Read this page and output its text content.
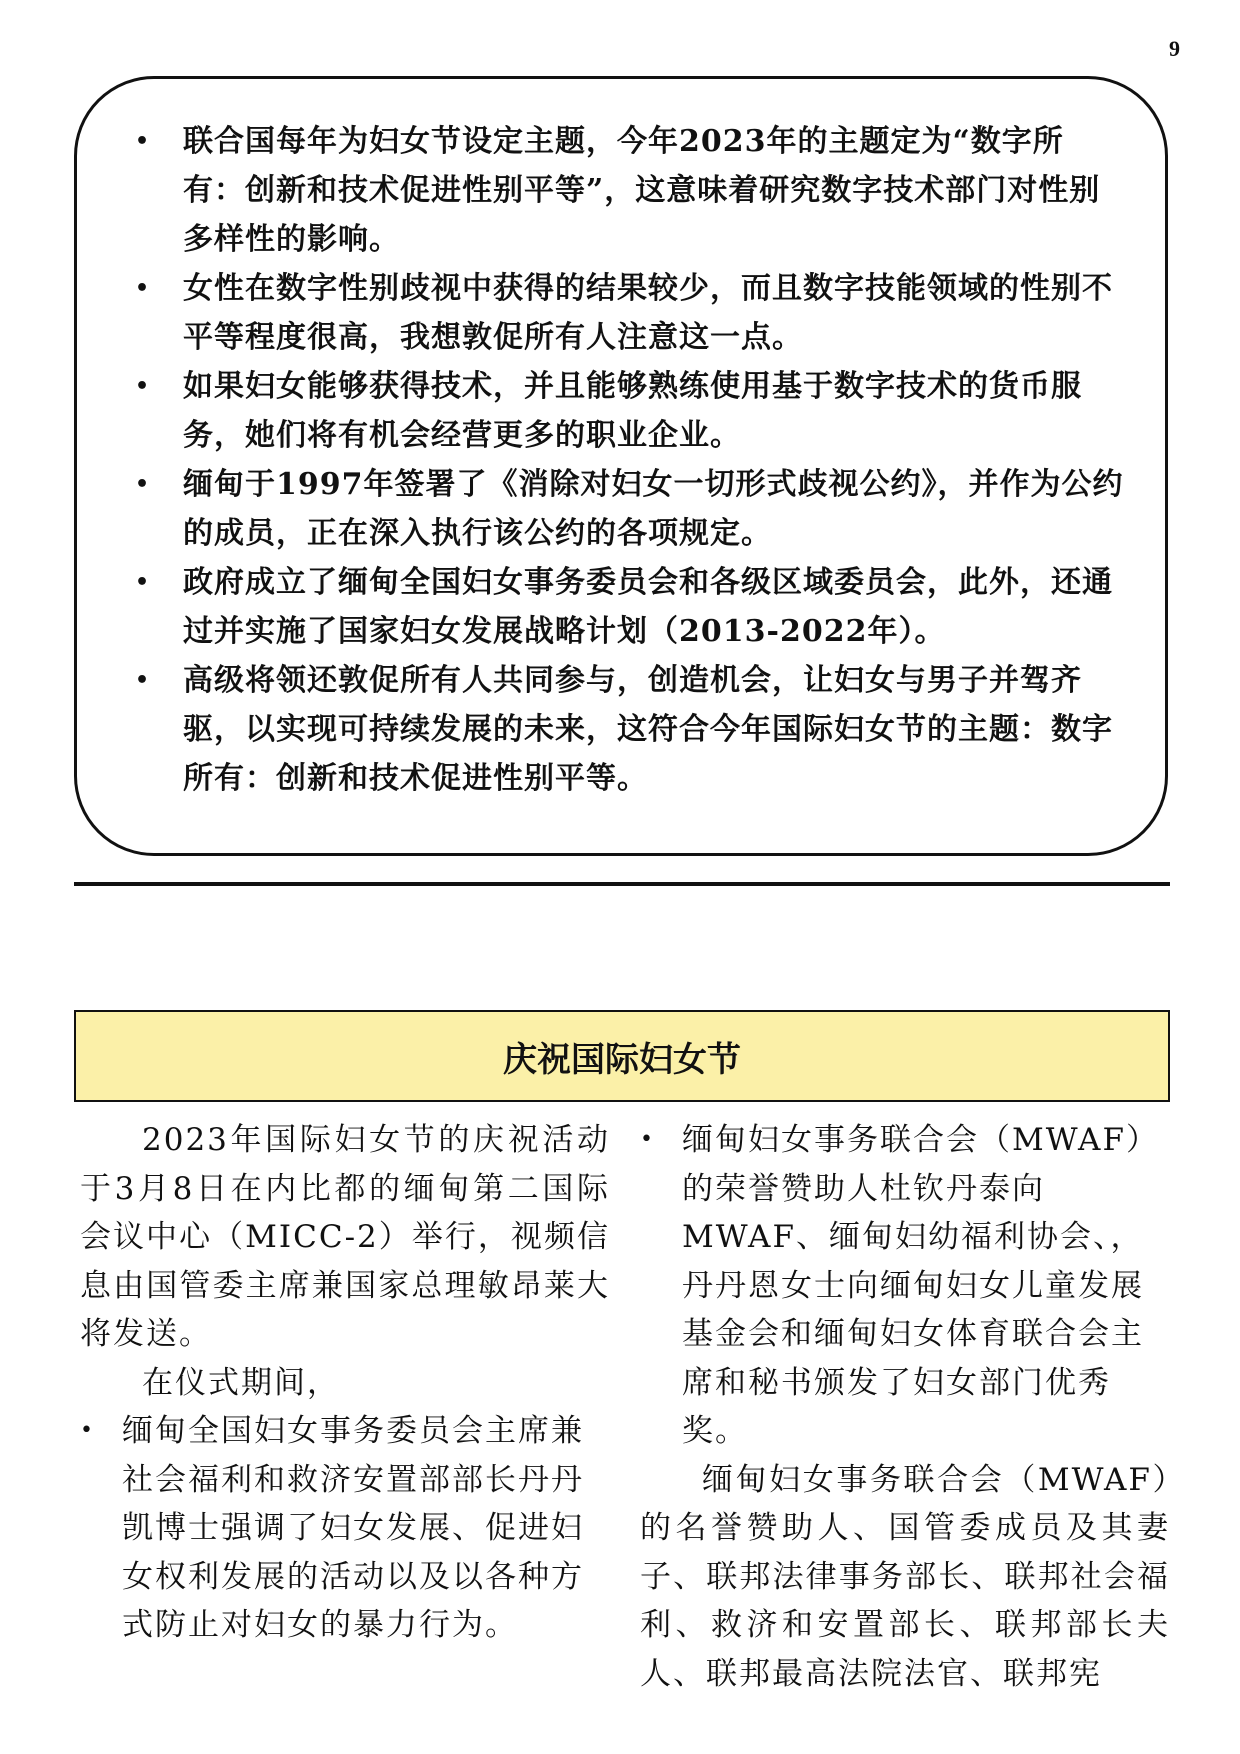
9
• 联合国每年为妇女节设定主题，今年2023年的主题定为“数字所有：创新和技术促进性别平等”，这意味着研究数字技术部门对性别多样性的影响。
• 女性在数字性别歧视中获得的结果较少，而且数字技能领域的性别不平等程度很高，我想敦促所有人注意这一点。
• 如果妇女能够获得技术，并且能够熟练使用基于数字技术的货币服务，她们将有机会经营更多的职业企业。
• 缅甸于1997年签署了《消除对妇女一切形式歧视公约》，并作为公约的成员，正在深入执行该公约的各项规定。
• 政府成立了缅甸全国妇女事务委员会和各级区域委员会，此外，还通过并实施了国家妇女发展战略计划（2013-2022年）。
• 高级将领还敦促所有人共同参与，创造机会，让妇女与男子并驾齐驱，以实现可持续发展的未来，这符合今年国际妇女节的主题：数字所有：创新和技术促进性别平等。
庆祝国际妇女节

2023年国际妇女节的庆祝活动于3月8日在内比都的缅甸第二国际会议中心（MICC-2）举行，视频信息由国管委主席兼国家总理敏昂莱大将发送。

在仪式期间，

• 缅甸全国妇女事务委员会主席兼社会福利和救济安置部部长丹丹凯博士强调了妇女发展、促进妇女权利发展的活动以及以各种方式防止对妇女的暴力行为。
• 缅甸妇女事务联合会（MWAF）的荣誉赞助人杜钦丹泰向MWAF、缅甸妇幼福利协会、，丹丹恩女士向缅甸妇女儿童发展基金会和缅甸妇女体育联合会主席和秘书颁发了妇女部门优秀奖。

缅甸妇女事务联合会（MWAF）的名誉赞助人、国管委成员及其妻子、联邦法律事务部长、联邦社会福利、救济和安置部长、联邦部长夫人、联邦最高法院法官、联邦宪
